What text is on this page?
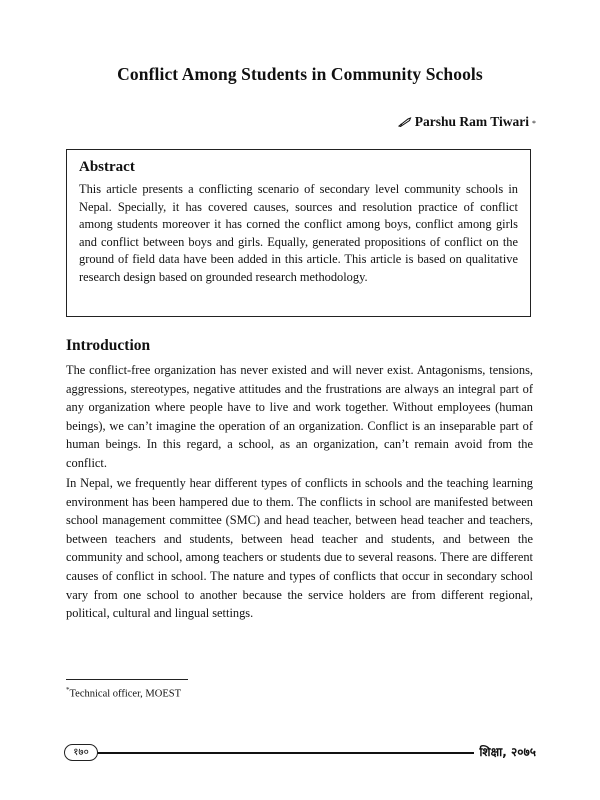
Conflict Among Students in Community Schools
Parshu Ram Tiwari *
Abstract

This article presents a conflicting scenario of secondary level community schools in Nepal. Specially, it has covered causes, sources and resolution practice of conflict among students moreover it has corned the conflict among boys, conflict among girls and conflict between boys and girls. Equally, generated propositions of conflict on the ground of field data have been added in this article. This article is based on qualitative research design based on grounded research methodology.

Introduction

The conflict-free organization has never existed and will never exist. Antagonisms, tensions, aggressions, stereotypes, negative attitudes and the frustrations are always an integral part of any organization where people have to live and work together. Without employees (human beings), we can’t imagine the operation of an organization. Conflict is an inseparable part of human beings. In this regard, a school, as an organization, can’t remain avoid from the conflict.

In Nepal, we frequently hear different types of conflicts in schools and the teaching learning environment has been hampered due to them. The conflicts in school are manifested between school management committee (SMC) and head teacher, between head teacher and teachers, between teachers and students, between head teacher and students, and between the community and school, among teachers or students due to several reasons. There are different causes of conflict in school. The nature and types of conflicts that occur in secondary school vary from one school to another because the service holders are from different regional, political, cultural and lingual settings.

*Technical officer, MOEST
१७०	शिक्षा, २०७५
